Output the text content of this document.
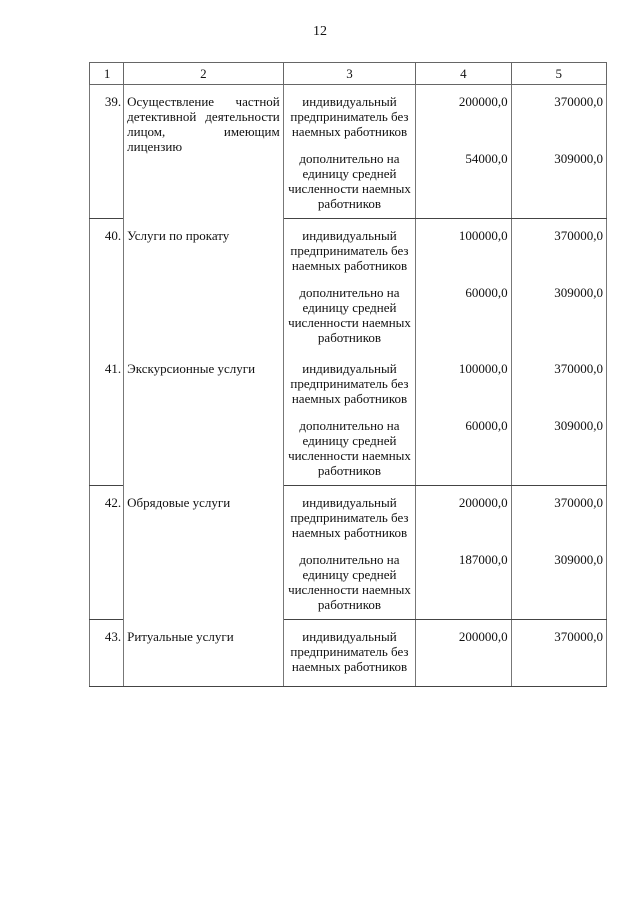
12
1	2	3	4	5
39.	Осуществление частной детективной деятельности лицом, имеющим лицензию	индивидуальный предприниматель без наемных работников	200000,0	370000,0
		дополнительно на единицу средней численности наемных работников	54000,0	309000,0
40.	Услуги по прокату	индивидуальный предприниматель без наемных работников	100000,0	370000,0
		дополнительно на единицу средней численности наемных работников	60000,0	309000,0
41.	Экскурсионные услуги	индивидуальный предприниматель без наемных работников	100000,0	370000,0
		дополнительно на единицу средней численности наемных работников	60000,0	309000,0
42.	Обрядовые услуги	индивидуальный предприниматель без наемных работников	200000,0	370000,0
		дополнительно на единицу средней численности наемных работников	187000,0	309000,0
43.	Ритуальные услуги	индивидуальный предприниматель без наемных работников	200000,0	370000,0
